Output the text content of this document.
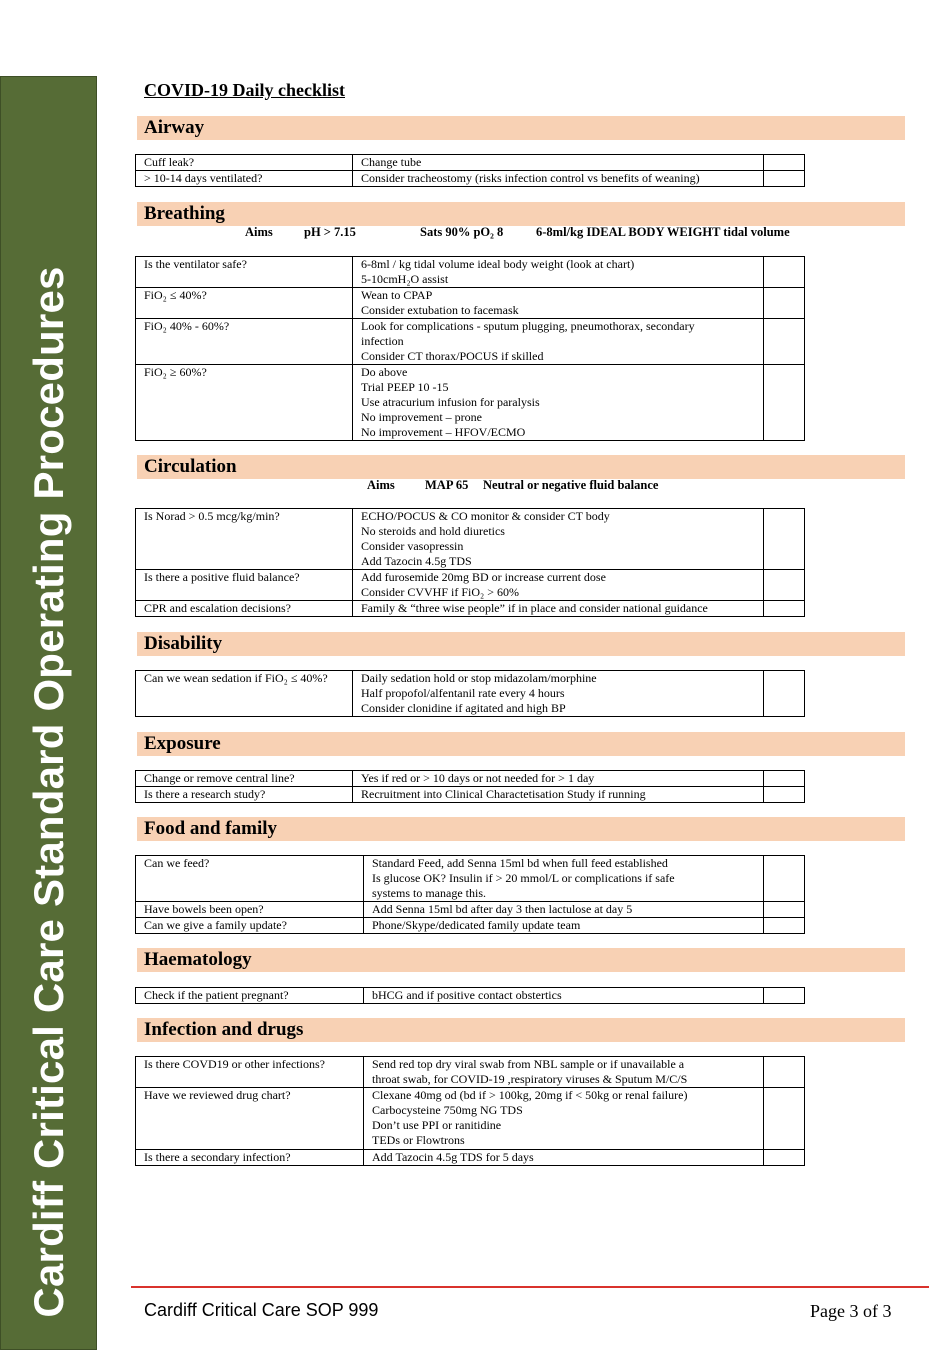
Cardiff Critical Care Standard Operating Procedures
COVID-19 Daily checklist
Airway
Cuff leak?	Change tube	

> 10-14 days ventilated?	Consider tracheostomy (risks infection control vs benefits of weaning)	

Breathing
Aims pH > 7.15	Sats 90% pO₂ 8	6-8ml/kg IDEAL BODY WEIGHT tidal volume
Is the ventilator safe?	6-8ml / kg tidal volume ideal body weight (look at chart)
5-10cmH₂O assist	

FiO₂ ≤ 40%?	Wean to CPAP
Consider extubation to facemask	

FiO₂ 40% - 60%?	Look for complications - sputum plugging, pneumothorax, secondary
infection
Consider CT thorax/POCUS if skilled	

FiO₂ ≥ 60%?	Do above
Trial PEEP 10 -15
Use atracurium infusion for paralysis
No improvement – prone
No improvement – HFOV/ECMO	

Circulation
Aims MAP 65 Neutral or negative fluid balance
Is Norad > 0.5 mcg/kg/min?	ECHO/POCUS & CO monitor & consider CT body
No steroids and hold diuretics
Consider vasopressin
Add Tazocin 4.5g TDS	

Is there a positive fluid balance?	Add furosemide 20mg BD or increase current dose
Consider CVVHF if FiO₂ > 60%	

CPR and escalation decisions?	Family & “three wise people” if in place and consider national guidance	

Disability
Can we wean sedation if FiO₂ ≤ 40%?	Daily sedation hold or stop midazolam/morphine
Half propofol/alfentanil rate every 4 hours
Consider clonidine if agitated and high BP

Exposure
Change or remove central line?	Yes if red or > 10 days or not needed for > 1 day	

Is there a research study?	Recruitment into Clinical Charactetisation Study if running	

Food and family
Can we feed?	Standard Feed, add Senna 15ml bd when full feed established
Is glucose OK? Insulin if > 20 mmol/L or complications if safe
systems to manage this.	

Have bowels been open?	Add Senna 15ml bd after day 3 then lactulose at day 5	

Can we give a family update?	Phone/Skype/dedicated family update team	

Haematology
Check if the patient pregnant?	bHCG and if positive contact obstertics

Infection and drugs
Is there COVD19 or other infections?	Send red top dry viral swab from NBL sample or if unavailable a
throat swab, for COVID-19 ,respiratory viruses & Sputum M/C/S	

Have we reviewed drug chart?	Clexane 40mg od (bd if > 100kg, 20mg if < 50kg or renal failure)
Carbocysteine 750mg NG TDS
Don’t use PPI or ranitidine
TEDs or Flowtrons	

Is there a secondary infection?	Add Tazocin 4.5g TDS for 5 days	

Cardiff Critical Care SOP 999	Page 3 of 3
